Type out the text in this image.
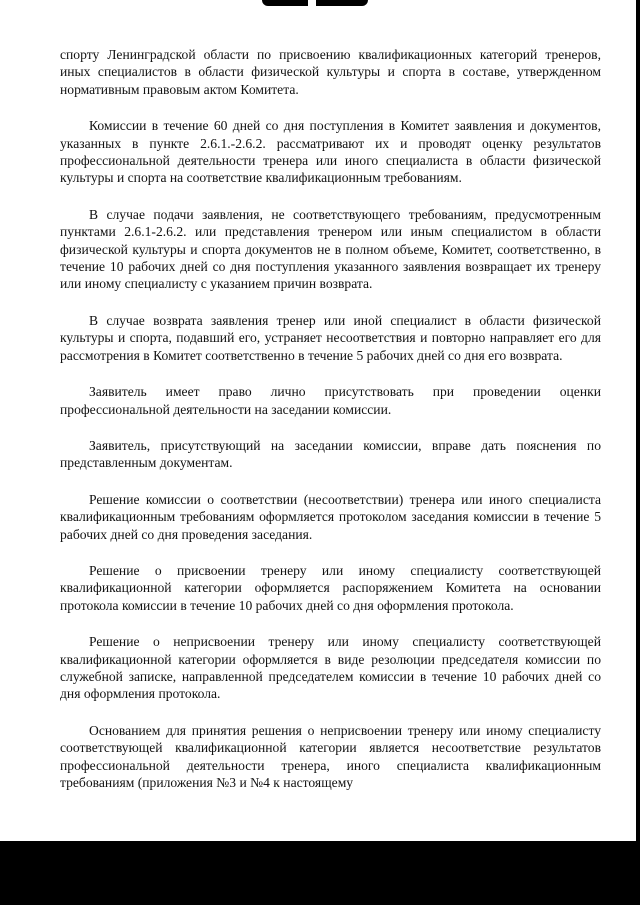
спорту Ленинградской области по присвоению квалификационных категорий тренеров, иных специалистов в области физической культуры и спорта в составе, утвержденном нормативным правовым актом Комитета.

Комиссии в течение 60 дней со дня поступления в Комитет заявления и документов, указанных в пункте 2.6.1.-2.6.2. рассматривают их и проводят оценку результатов профессиональной деятельности тренера или иного специалиста в области физической культуры и спорта на соответствие квалификационным требованиям.

В случае подачи заявления, не соответствующего требованиям, предусмотренным пунктами 2.6.1-2.6.2. или представления тренером или иным специалистом в области физической культуры и спорта документов не в полном объеме, Комитет, соответственно, в течение 10 рабочих дней со дня поступления указанного заявления возвращает их тренеру или иному специалисту с указанием причин возврата.

В случае возврата заявления тренер или иной специалист в области физической культуры и спорта, подавший его, устраняет несоответствия и повторно направляет его для рассмотрения в Комитет соответственно в течение 5 рабочих дней со дня его возврата.

Заявитель имеет право лично присутствовать при проведении оценки профессиональной деятельности на заседании комиссии.

Заявитель, присутствующий на заседании комиссии, вправе дать пояснения по представленным документам.

Решение комиссии о соответствии (несоответствии) тренера или иного специалиста квалификационным требованиям оформляется протоколом заседания комиссии в течение 5 рабочих дней со дня проведения заседания.

Решение о присвоении тренеру или иному специалисту соответствующей квалификационной категории оформляется распоряжением Комитета на основании протокола комиссии в течение 10 рабочих дней со дня оформления протокола.

Решение о неприсвоении тренеру или иному специалисту соответствующей квалификационной категории оформляется в виде резолюции председателя комиссии по служебной записке, направленной председателем комиссии в течение 10 рабочих дней со дня оформления протокола.

Основанием для принятия решения о неприсвоении тренеру или иному специалисту соответствующей квалификационной категории является несоответствие результатов профессиональной деятельности тренера, иного специалиста квалификационным требованиям (приложения №3 и №4 к настоящему
